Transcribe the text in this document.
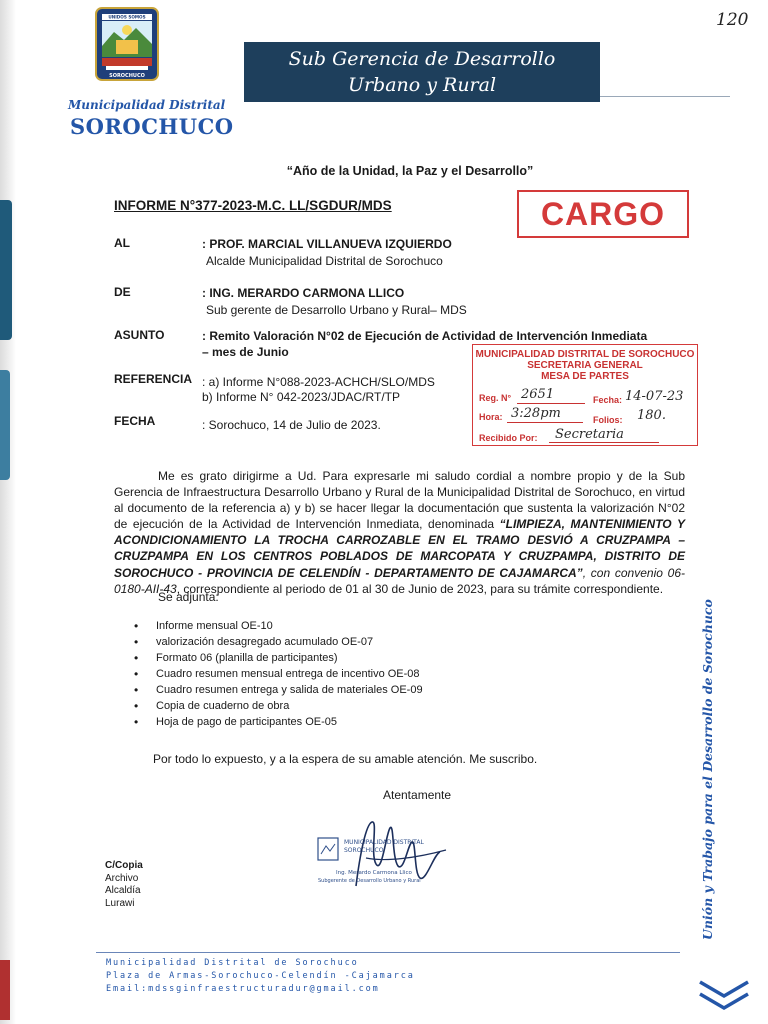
120
UNIDOS SOMOS
SOROCHUCO
Municipalidad Distrital
SOROCHUCO
Sub Gerencia de Desarrollo
Urbano y Rural
“Año de la Unidad, la Paz y el Desarrollo”
INFORME N°377-2023-M.C. LL/SGDUR/MDS	CARGO
AL	: PROF. MARCIAL VILLANUEVA IZQUIERDO
Alcalde Municipalidad Distrital de Sorochuco
DE	: ING. MERARDO CARMONA LLICO
Sub gerente de Desarrollo Urbano y Rural– MDS
ASUNTO	: Remito Valoración N°02 de Ejecución de Actividad de Intervención Inmediata
– mes de Junio
REFERENCIA : a) Informe N°088-2023-ACHCH/SLO/MDS
b) Informe N° 042-2023/JDAC/RT/TP
FECHA	: Sorochuco, 14 de Julio de 2023.
MUNICIPALIDAD DISTRITAL DE SOROCHUCO
SECRETARIA GENERAL
MESA DE PARTES
Reg. N° 2651	Fecha: 14-07-23
Hora: 3:28pm	Folios: 180.
Recibido Por: Secretaria
Me es grato dirigirme a Ud. Para expresarle mi saludo cordial a nombre propio y de la Sub Gerencia de Infraestructura Desarrollo Urbano y Rural de la Municipalidad Distrital de Sorochuco, en virtud al documento de la referencia a) y b) se hacer llegar la documentación que sustenta la valorización N°02 de ejecución de la Actividad de Intervención Inmediata, denominada “LIMPIEZA, MANTENIMIENTO Y ACONDICIONAMIENTO LA TROCHA CARROZABLE EN EL TRAMO DESVIÓ A CRUZPAMPA – CRUZPAMPA EN LOS CENTROS POBLADOS DE MARCOPATA Y CRUZPAMPA, DISTRITO DE SOROCHUCO - PROVINCIA DE CELENDÍN - DEPARTAMENTO DE CAJAMARCA”, con convenio 06-0180-AII-43, correspondiente al periodo de 01 al 30 de Junio de 2023, para su trámite correspondiente.
Se adjunta:
• Informe mensual OE-10
• valorización desagregado acumulado OE-07
• Formato 06 (planilla de participantes)
• Cuadro resumen mensual entrega de incentivo OE-08
• Cuadro resumen entrega y salida de materiales OE-09
• Copia de cuaderno de obra
• Hoja de pago de participantes OE-05
Por todo lo expuesto, y a la espera de su amable atención. Me suscribo.
Atentamente
MUNICIPALIDAD DISTRITAL
SOROCHUCO
Ing. Merardo Carmona Llico
Subgerente de Desarrollo Urbano y Rural
C/Copia
Archivo
Alcaldía
Lurawi	Unión y Trabajo para el Desarrollo de Sorochuco
Municipalidad Distrital de Sorochuco
Plaza de Armas-Sorochuco-Celendín -Cajamarca
Email:mdssginfraestructuradur@gmail.com
